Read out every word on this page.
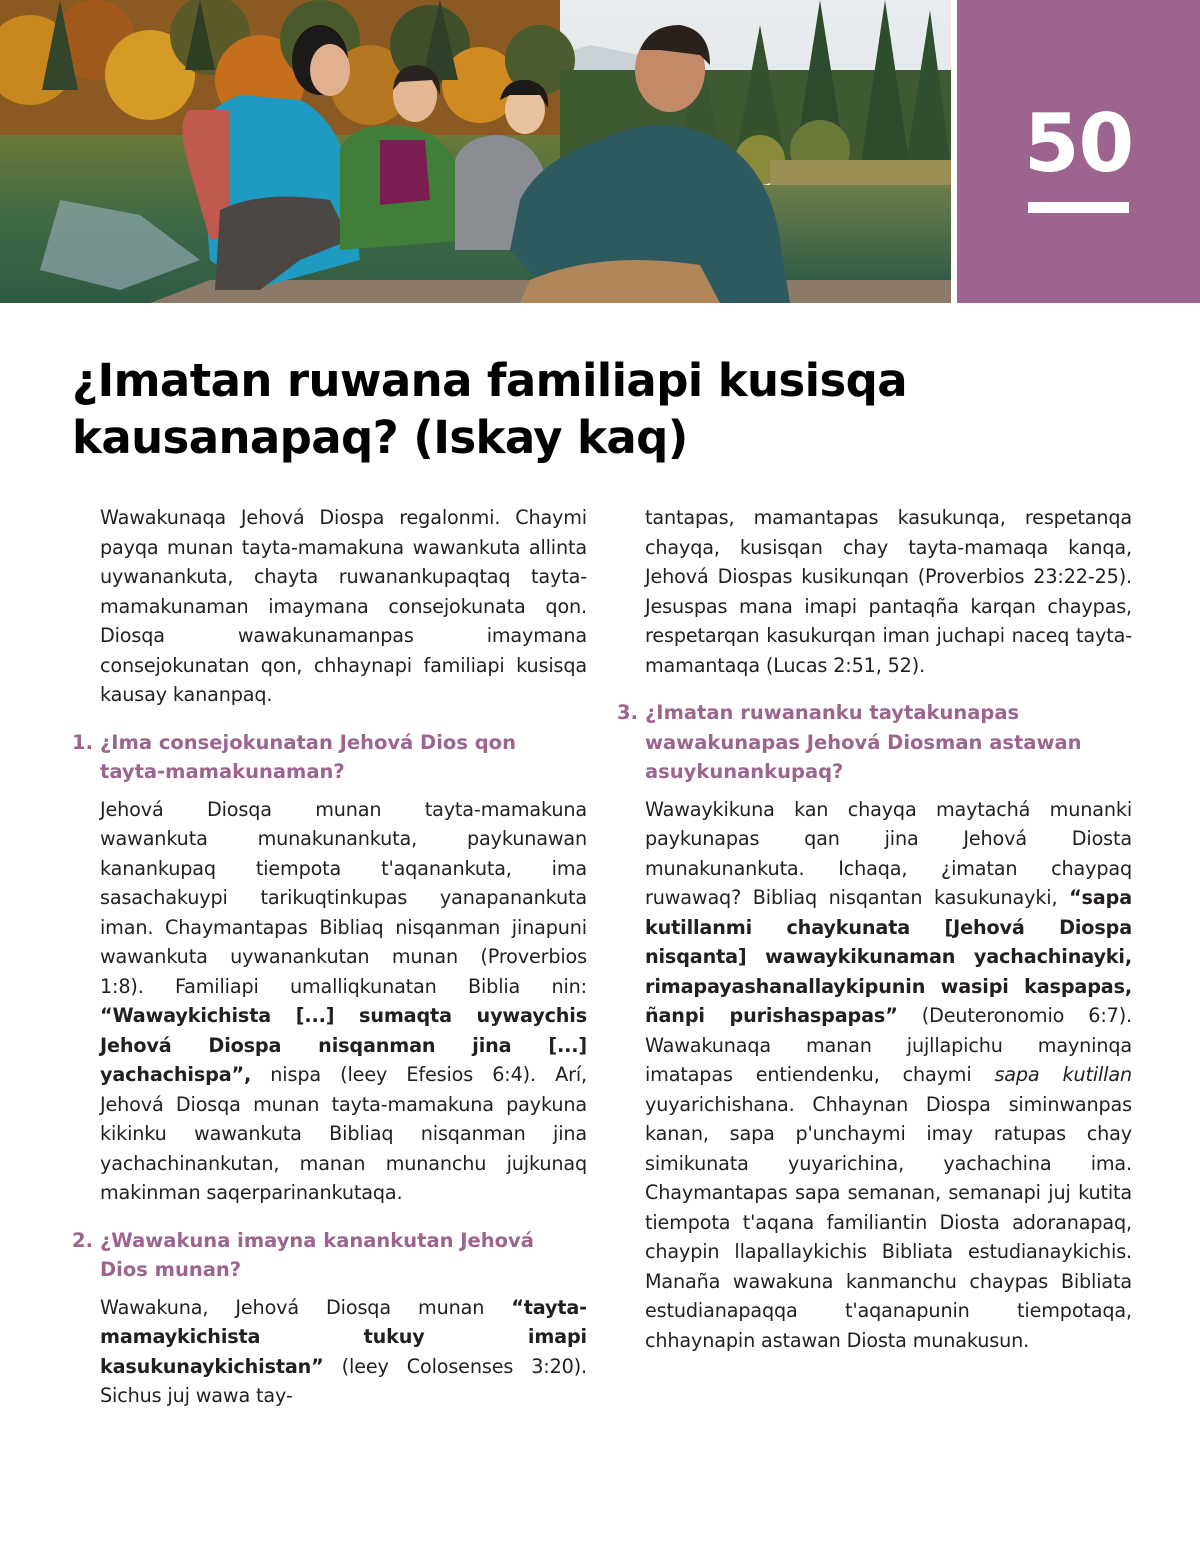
50
¿Imatan ruwana familiapi kusisqa kausanapaq? (Iskay kaq)

Wawakunaqa Jehová Diospa regalonmi. Chaymi payqa munan tayta-mamakuna wawankuta allinta uywanankuta, chayta ruwanankupaqtaq tayta-mamakunaman imaymana consejokunata qon. Diosqa wawakunamanpas imaymana consejokunatan qon, chhaynapi familiapi kusisqa kausay kananpaq.

1. ¿Ima consejokunatan Jehová Dios qon tayta-mamakunaman?

Jehová Diosqa munan tayta-mamakuna wawankuta munakunankuta, paykunawan kanankupaq tiempota t'aqanankuta, ima sasachakuypi tarikuqtinkupas yanapanankuta iman. Chaymantapas Bibliaq nisqanman jinapuni wawankuta uywanankutan munan (Proverbios 1:8). Familiapi umalliqkunatan Biblia nin: “Wawaykichista [...] sumaqta uywaychis Jehová Diospa nisqanman jina [...] yachachispa”, nispa (leey Efesios 6:4). Arí, Jehová Diosqa munan tayta-mamakuna paykuna kikinku wawankuta Bibliaq nisqanman jina yachachinankutan, manan munanchu jujkunaq makinman saqerparinankutaqa.

2. ¿Wawakuna imayna kanankutan Jehová Dios munan?

Wawakuna, Jehová Diosqa munan “tayta-mamaykichista tukuy imapi kasukunaykichistan” (leey Colosenses 3:20). Sichus juj wawa tay-

tantapas, mamantapas kasukunqa, respetanqa chayqa, kusisqan chay tayta-mamaqa kanqa, Jehová Diospas kusikunqan (Proverbios 23:22-25). Jesuspas mana imapi pantaqña karqan chaypas, respetarqan kasukurqan iman juchapi naceq tayta-mamantaqa (Lucas 2:51, 52).

3. ¿Imatan ruwananku taytakunapas wawakunapas Jehová Diosman astawan asuykunankupaq?

Wawaykikuna kan chayqa maytachá munanki paykunapas qan jina Jehová Diosta munakunankuta. Ichaqa, ¿imatan chaypaq ruwawaq? Bibliaq nisqantan kasukunayki, “sapa kutillanmi chaykunata [Jehová Diospa nisqanta] wawaykikunaman yachachinayki, rimapayashanallaykipunin wasipi kaspapas, ñanpi purishaspapas” (Deuteronomio 6:7). Wawakunaqa manan jujllapichu mayninqa imatapas entiendenku, chaymi sapa kutillan yuyarichishana. Chhaynan Diospa siminwanpas kanan, sapa p'unchaymi imay ratupas chay simikunata yuyarichina, yachachina ima. Chaymantapas sapa semanan, semanapi juj kutita tiempota t'aqana familiantin Diosta adoranapaq, chaypin llapallaykichis Bibliata estudianaykichis. Manaña wawakuna kanmanchu chaypas Bibliata estudianapaqqa t'aqanapunin tiempotaqa, chhaynapin astawan Diosta munakusun.
